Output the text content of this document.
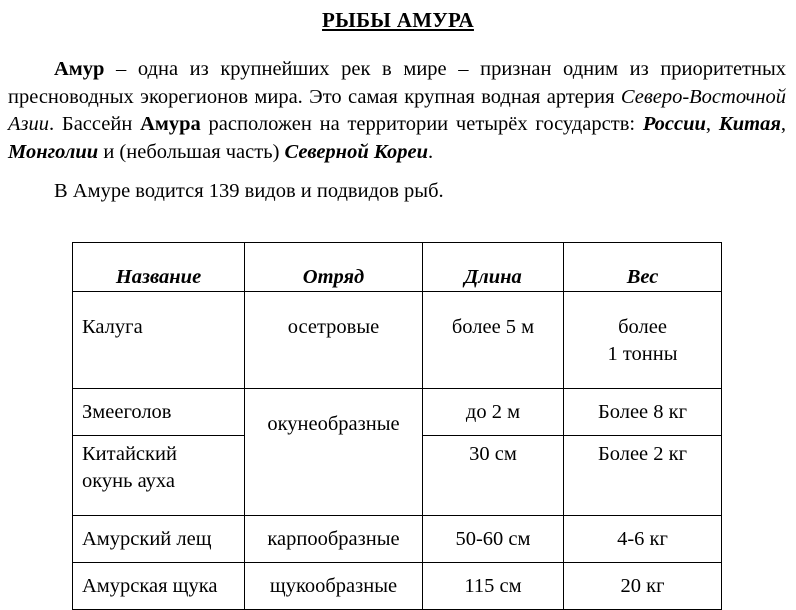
РЫБЫ АМУРА

Амур – одна из крупнейших рек в мире – признан одним из приоритетных пресноводных экорегионов мира. Это самая крупная водная артерия Северо-Восточной Азии. Бассейн Амура расположен на территории четырёх государств: России, Китая, Монголии и (небольшая часть) Северной Кореи.

В Амуре водится 139 видов и подвидов рыб.

Название	Отряд	Длина	Вес
Калуга	осетровые	более 5 м	более
1 тонны
Змееголов	окунеобразные	до 2 м	Более 8 кг
Китайский
окунь ауха		30 см	Более 2 кг
Амурский лещ	карпообразные	50-60 см	4-6 кг
Амурская щука	щукообразные	115 см	20 кг
